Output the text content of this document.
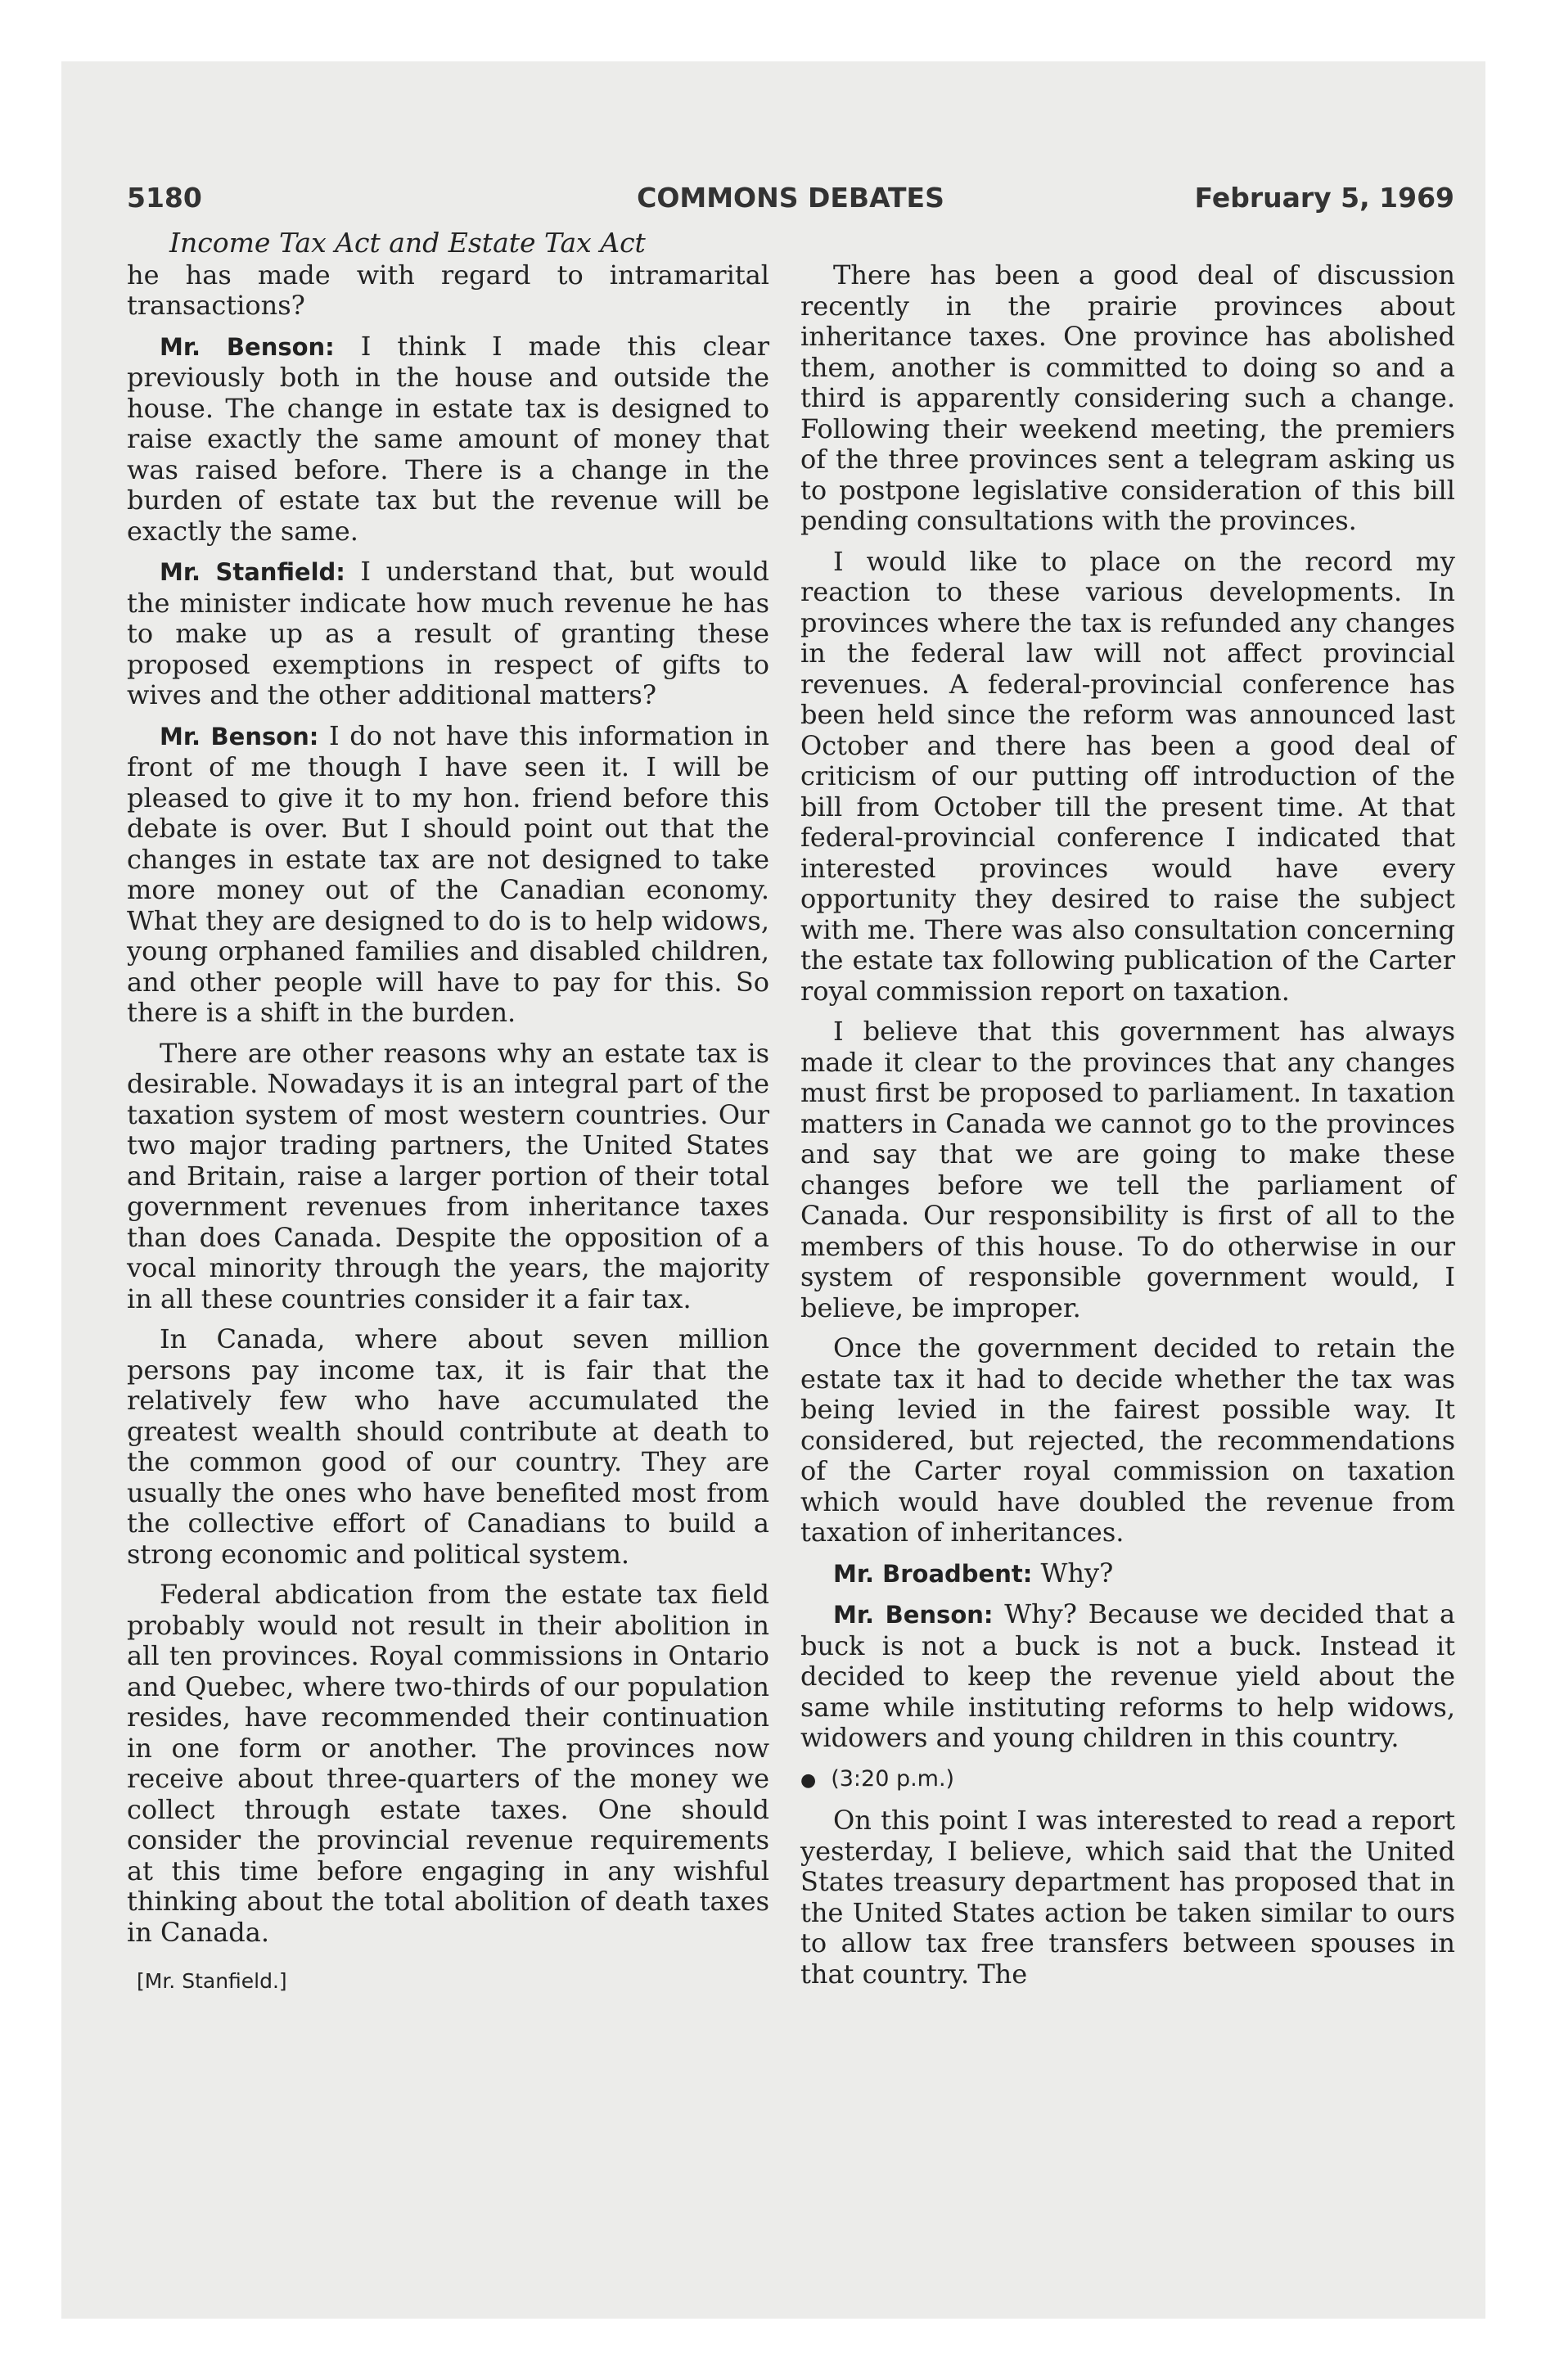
5180	COMMONS DEBATES	February 5, 1969
Income Tax Act and Estate Tax Act

he has made with regard to intramarital transactions?

Mr. Benson: I think I made this clear previously both in the house and outside the house. The change in estate tax is designed to raise exactly the same amount of money that was raised before. There is a change in the burden of estate tax but the revenue will be exactly the same.

Mr. Stanfield: I understand that, but would the minister indicate how much revenue he has to make up as a result of granting these proposed exemptions in respect of gifts to wives and the other additional matters?

Mr. Benson: I do not have this information in front of me though I have seen it. I will be pleased to give it to my hon. friend before this debate is over. But I should point out that the changes in estate tax are not designed to take more money out of the Canadian economy. What they are designed to do is to help widows, young orphaned families and disabled children, and other people will have to pay for this. So there is a shift in the burden.

There are other reasons why an estate tax is desirable. Nowadays it is an integral part of the taxation system of most western countries. Our two major trading partners, the United States and Britain, raise a larger portion of their total government revenues from inheritance taxes than does Canada. Despite the opposition of a vocal minority through the years, the majority in all these countries consider it a fair tax.

In Canada, where about seven million persons pay income tax, it is fair that the relatively few who have accumulated the greatest wealth should contribute at death to the common good of our country. They are usually the ones who have benefited most from the collective effort of Canadians to build a strong economic and political system.

Federal abdication from the estate tax field probably would not result in their abolition in all ten provinces. Royal commissions in Ontario and Quebec, where two-thirds of our population resides, have recommended their continuation in one form or another. The provinces now receive about three-quarters of the money we collect through estate taxes. One should consider the provincial revenue requirements at this time before engaging in any wishful thinking about the total abolition of death taxes in Canada.

[Mr. Stanfield.]

There has been a good deal of discussion recently in the prairie provinces about inheritance taxes. One province has abolished them, another is committed to doing so and a third is apparently considering such a change. Following their weekend meeting, the premiers of the three provinces sent a telegram asking us to postpone legislative consideration of this bill pending consultations with the provinces.

I would like to place on the record my reaction to these various developments. In provinces where the tax is refunded any changes in the federal law will not affect provincial revenues. A federal-provincial conference has been held since the reform was announced last October and there has been a good deal of criticism of our putting off introduction of the bill from October till the present time. At that federal-provincial conference I indicated that interested provinces would have every opportunity they desired to raise the subject with me. There was also consultation concerning the estate tax following publication of the Carter royal commission report on taxation.

I believe that this government has always made it clear to the provinces that any changes must first be proposed to parliament. In taxation matters in Canada we cannot go to the provinces and say that we are going to make these changes before we tell the parliament of Canada. Our responsibility is first of all to the members of this house. To do otherwise in our system of responsible government would, I believe, be improper.

Once the government decided to retain the estate tax it had to decide whether the tax was being levied in the fairest possible way. It considered, but rejected, the recommendations of the Carter royal commission on taxation which would have doubled the revenue from taxation of inheritances.

Mr. Broadbent: Why?

Mr. Benson: Why? Because we decided that a buck is not a buck is not a buck. Instead it decided to keep the revenue yield about the same while instituting reforms to help widows, widowers and young children in this country.

● (3:20 p.m.)

On this point I was interested to read a report yesterday, I believe, which said that the United States treasury department has proposed that in the United States action be taken similar to ours to allow tax free transfers between spouses in that country. The
